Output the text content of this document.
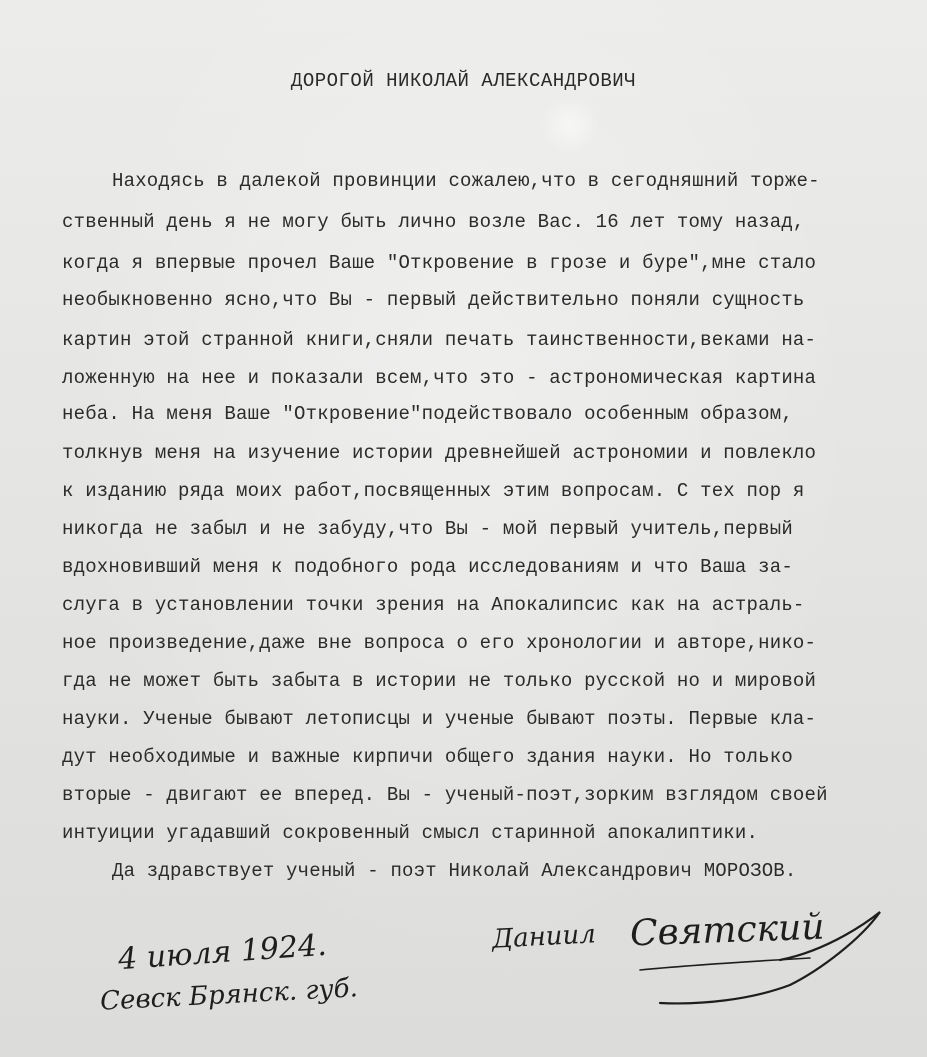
ДОРОГОЙ НИКОЛАЙ АЛЕКСАНДРОВИЧ
Находясь в далекой провинции сожалею,что в сегодняшний торже-
ственный день я не могу быть лично возле Вас. 16 лет тому назад,
когда я впервые прочел Ваше "Откровение в грозе и буре",мне стало
необыкновенно ясно,что Вы - первый действительно поняли сущность
картин этой странной книги,сняли печать таинственности,веками на-
ложенную на нее и показали всем,что это - астрономическая картина
неба. На меня Ваше "Откровение"подействовало особенным образом,
толкнув меня на изучение истории древнейшей астрономии и повлекло
к изданию ряда моих работ,посвященных этим вопросам. С тех пор я
никогда не забыл и не забуду,что Вы - мой первый учитель,первый
вдохновивший меня к подобного рода исследованиям и что Ваша за-
слуга в установлении точки зрения на Апокалипсис как на астраль-
ное произведение,даже вне вопроса о его хронологии и авторе,нико-
гда не может быть забыта в истории не только русской но и мировой
науки. Ученые бывают летописцы и ученые бывают поэты. Первые кла-
дут необходимые и важные кирпичи общего здания науки. Но только
вторые - двигают ее вперед. Вы - ученый-поэт,зорким взглядом своей
интуиции угадавший сокровенный смысл старинной апокалиптики.
Да здравствует ученый - поэт Николай Александрович МОРОЗОВ.
4 июля 1924.
Севск Брянск. губ.
Даниил Святский
